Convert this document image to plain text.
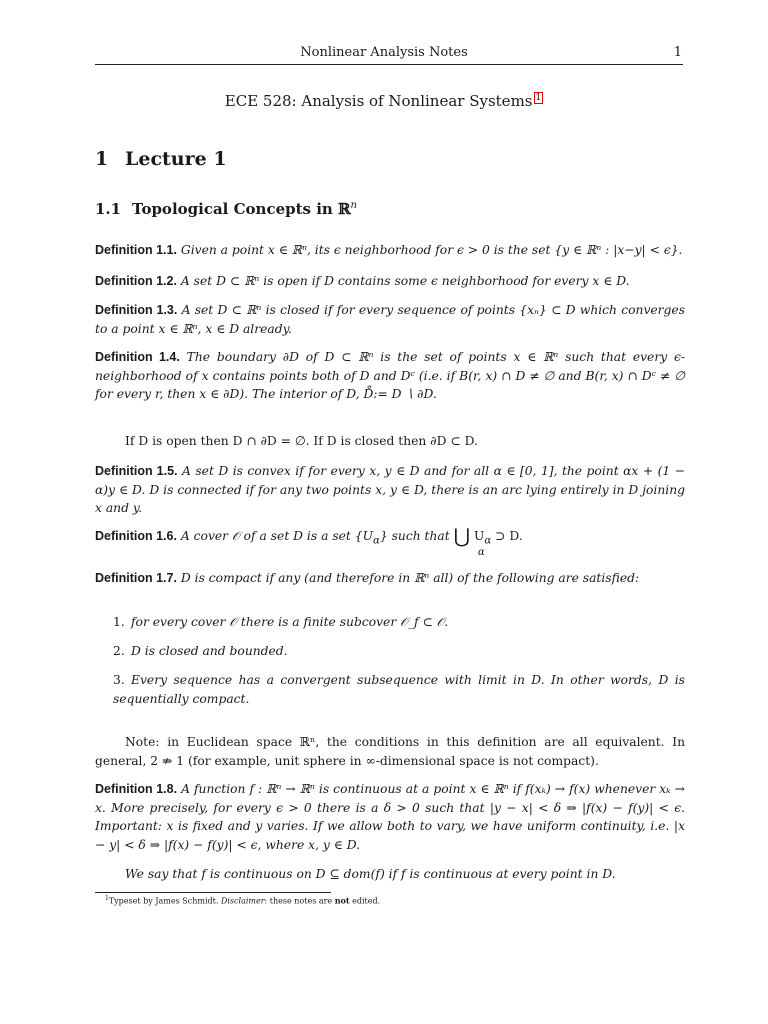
Nonlinear Analysis Notes	1
ECE 528: Analysis of Nonlinear Systems 1
1 Lecture 1
1.1 Topological Concepts in ℝ$^n$
Definition 1.1. Given a point x ∈ ℝⁿ, its ϵ neighborhood for ϵ > 0 is the set {y ∈ ℝⁿ : |x−y| < ϵ}.
Definition 1.2. A set D ⊂ ℝⁿ is open if D contains some ϵ neighborhood for every x ∈ D.
Definition 1.3. A set D ⊂ ℝⁿ is closed if for every sequence of points {xₙ} ⊂ D which converges to a point x ∈ ℝⁿ, x ∈ D already.
Definition 1.4. The boundary ∂D of D ⊂ ℝⁿ is the set of points x ∈ ℝⁿ such that every ϵ-neighborhood of x contains points both of D and Dᶜ (i.e. if B(r, x) ∩ D ≠ ∅ and B(r, x) ∩ Dᶜ ≠ ∅ for every r, then x ∈ ∂D). The interior of D, D̊:= D ∖ ∂D.
If D is open then D ∩ ∂D = ∅. If D is closed then ∂D ⊂ D.
Definition 1.5. A set D is convex if for every x, y ∈ D and for all α ∈ [0, 1], the point αx + (1 − α)y ∈ D. D is connected if for any two points x, y ∈ D, there is an arc lying entirely in D joining x and y.
Definition 1.6. A cover 𝒪 of a set D is a set $\{U_\alpha\}$ such that ⋃ $U_\alpha$ ⊃ D.
α
Definition 1.7. D is compact if any (and therefore in ℝⁿ all) of the following are satisfied:
1. for every cover 𝒪 there is a finite subcover 𝒪_f ⊂ 𝒪.
2. D is closed and bounded.
3. Every sequence has a convergent subsequence with limit in D. In other words, D is sequentially compact.
Note: in Euclidean space ℝⁿ, the conditions in this definition are all equivalent. In general, 2 ⇏ 1 (for example, unit sphere in ∞-dimensional space is not compact).
Definition 1.8. A function f : ℝⁿ → ℝⁿ is continuous at a point x ∈ ℝⁿ if f(xₖ) → f(x) whenever xₖ → x. More precisely, for every ϵ > 0 there is a δ > 0 such that |y − x| < δ ⇒ |f(x) − f(y)| < ϵ. Important: x is fixed and y varies. If we allow both to vary, we have uniform continuity, i.e. |x − y| < δ ⇒ |f(x) − f(y)| < ϵ, where x, y ∈ D.
We say that f is continuous on D ⊆ dom(f) if f is continuous at every point in D.
$^1$Typeset by James Schmidt. Disclaimer: these notes are not edited.
